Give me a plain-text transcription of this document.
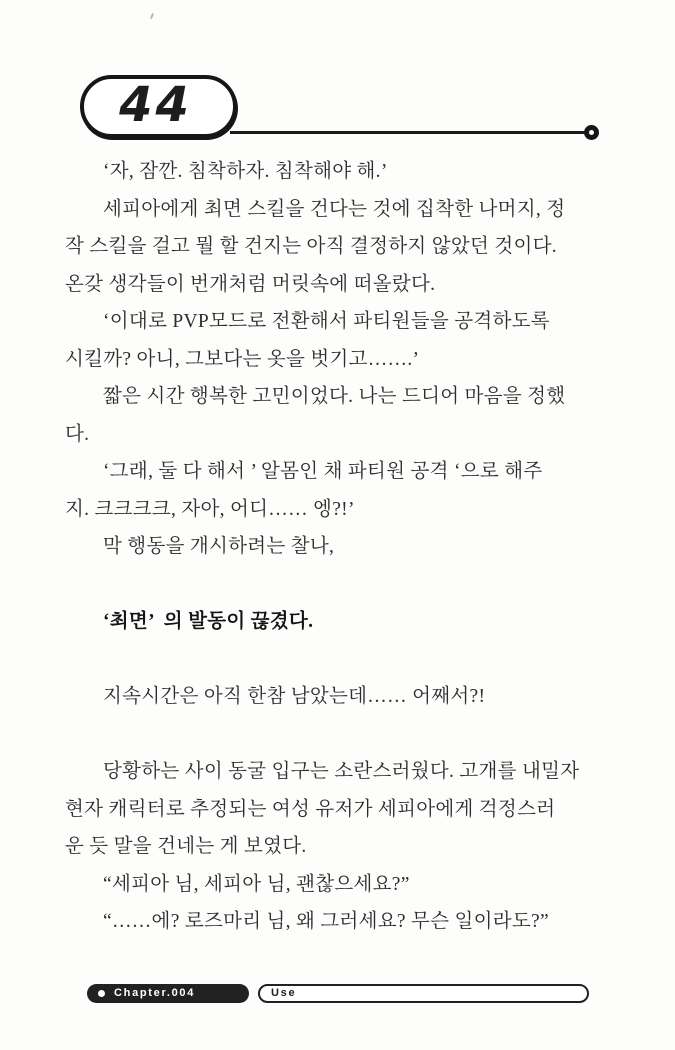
44
‘자, 잠깐. 침착하자. 침착해야 해.’
세피아에게 최면 스킬을 건다는 것에 집착한 나머지, 정
작 스킬을 걸고 뭘 할 건지는 아직 결정하지 않았던 것이다.
온갖 생각들이 번개처럼 머릿속에 떠올랐다.
‘이대로 PVP모드로 전환해서 파티원들을 공격하도록
시킬까? 아니, 그보다는 옷을 벗기고…….’
짧은 시간 행복한 고민이었다. 나는 드디어 마음을 정했
다.
‘그래, 둘 다 해서 ’ 알몸인 채 파티원 공격 ‘으로 해주
지. 크크크크, 자아, 어디…… 엥?!’
막 행동을 개시하려는 찰나,
‘최면’  의 발동이 끊겼다.
지속시간은 아직 한참 남았는데…… 어째서?!
당황하는 사이 동굴 입구는 소란스러웠다. 고개를 내밀자
현자 캐릭터로 추정되는 여성 유저가 세피아에게 걱정스러
운 듯 말을 건네는 게 보였다.
“세피아 님, 세피아 님, 괜찮으세요?”
“……에? 로즈마리 님, 왜 그러세요? 무슨 일이라도?”
Chapter.004	Use
